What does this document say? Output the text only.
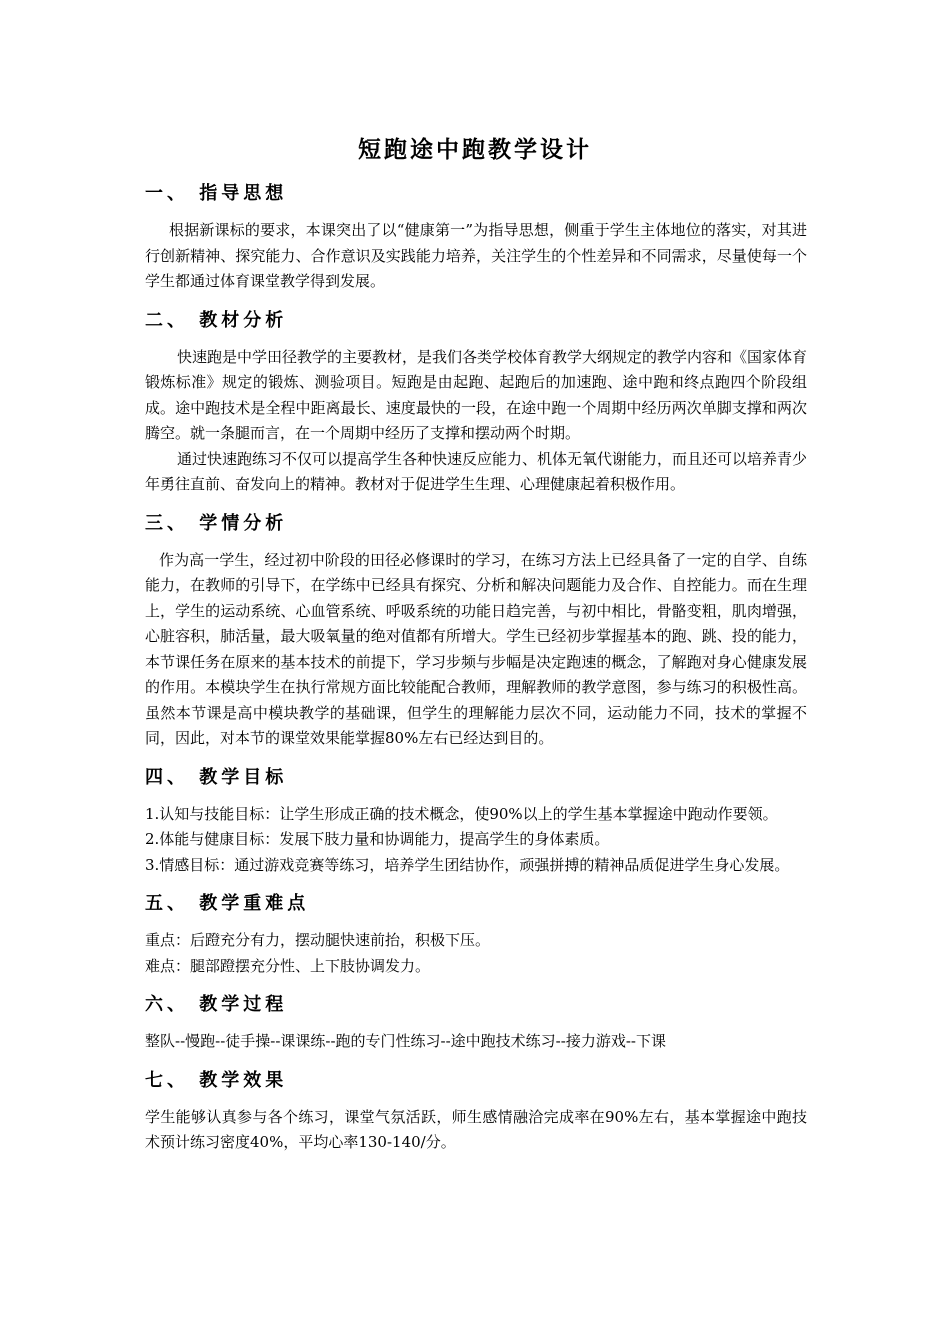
短跑途中跑教学设计
一、 指导思想

根据新课标的要求，本课突出了以“健康第一”为指导思想，侧重于学生主体地位的落实，对其进行创新精神、探究能力、合作意识及实践能力培养，关注学生的个性差异和不同需求，尽量使每一个学生都通过体育课堂教学得到发展。

二、 教材分析

快速跑是中学田径教学的主要教材，是我们各类学校体育教学大纲规定的教学内容和《国家体育锻炼标准》规定的锻炼、测验项目。短跑是由起跑、起跑后的加速跑、途中跑和终点跑四个阶段组成。途中跑技术是全程中距离最长、速度最快的一段，在途中跑一个周期中经历两次单脚支撑和两次腾空。就一条腿而言，在一个周期中经历了支撑和摆动两个时期。

通过快速跑练习不仅可以提高学生各种快速反应能力、机体无氧代谢能力，而且还可以培养青少年勇往直前、奋发向上的精神。教材对于促进学生生理、心理健康起着积极作用。

三、 学情分析

作为高一学生，经过初中阶段的田径必修课时的学习，在练习方法上已经具备了一定的自学、自练能力，在教师的引导下，在学练中已经具有探究、分析和解决问题能力及合作、自控能力。而在生理上，学生的运动系统、心血管系统、呼吸系统的功能日趋完善，与初中相比，骨骼变粗，肌肉增强，心脏容积，肺活量，最大吸氧量的绝对值都有所增大。学生已经初步掌握基本的跑、跳、投的能力，本节课任务在原来的基本技术的前提下，学习步频与步幅是决定跑速的概念，了解跑对身心健康发展的作用。本模块学生在执行常规方面比较能配合教师，理解教师的教学意图，参与练习的积极性高。虽然本节课是高中模块教学的基础课，但学生的理解能力层次不同，运动能力不同，技术的掌握不同，因此，对本节的课堂效果能掌握80%左右已经达到目的。

四、 教学目标

1.认知与技能目标：让学生形成正确的技术概念，使90%以上的学生基本掌握途中跑动作要领。

2.体能与健康目标：发展下肢力量和协调能力，提高学生的身体素质。

3.情感目标：通过游戏竞赛等练习，培养学生团结协作，顽强拼搏的精神品质促进学生身心发展。

五、 教学重难点

重点：后蹬充分有力，摆动腿快速前抬，积极下压。

难点：腿部蹬摆充分性、上下肢协调发力。

六、 教学过程

整队--慢跑--徒手操--课课练--跑的专门性练习--途中跑技术练习--接力游戏--下课

七、 教学效果

学生能够认真参与各个练习，课堂气氛活跃，师生感情融洽完成率在90%左右，基本掌握途中跑技术预计练习密度40%，平均心率130-140/分。
